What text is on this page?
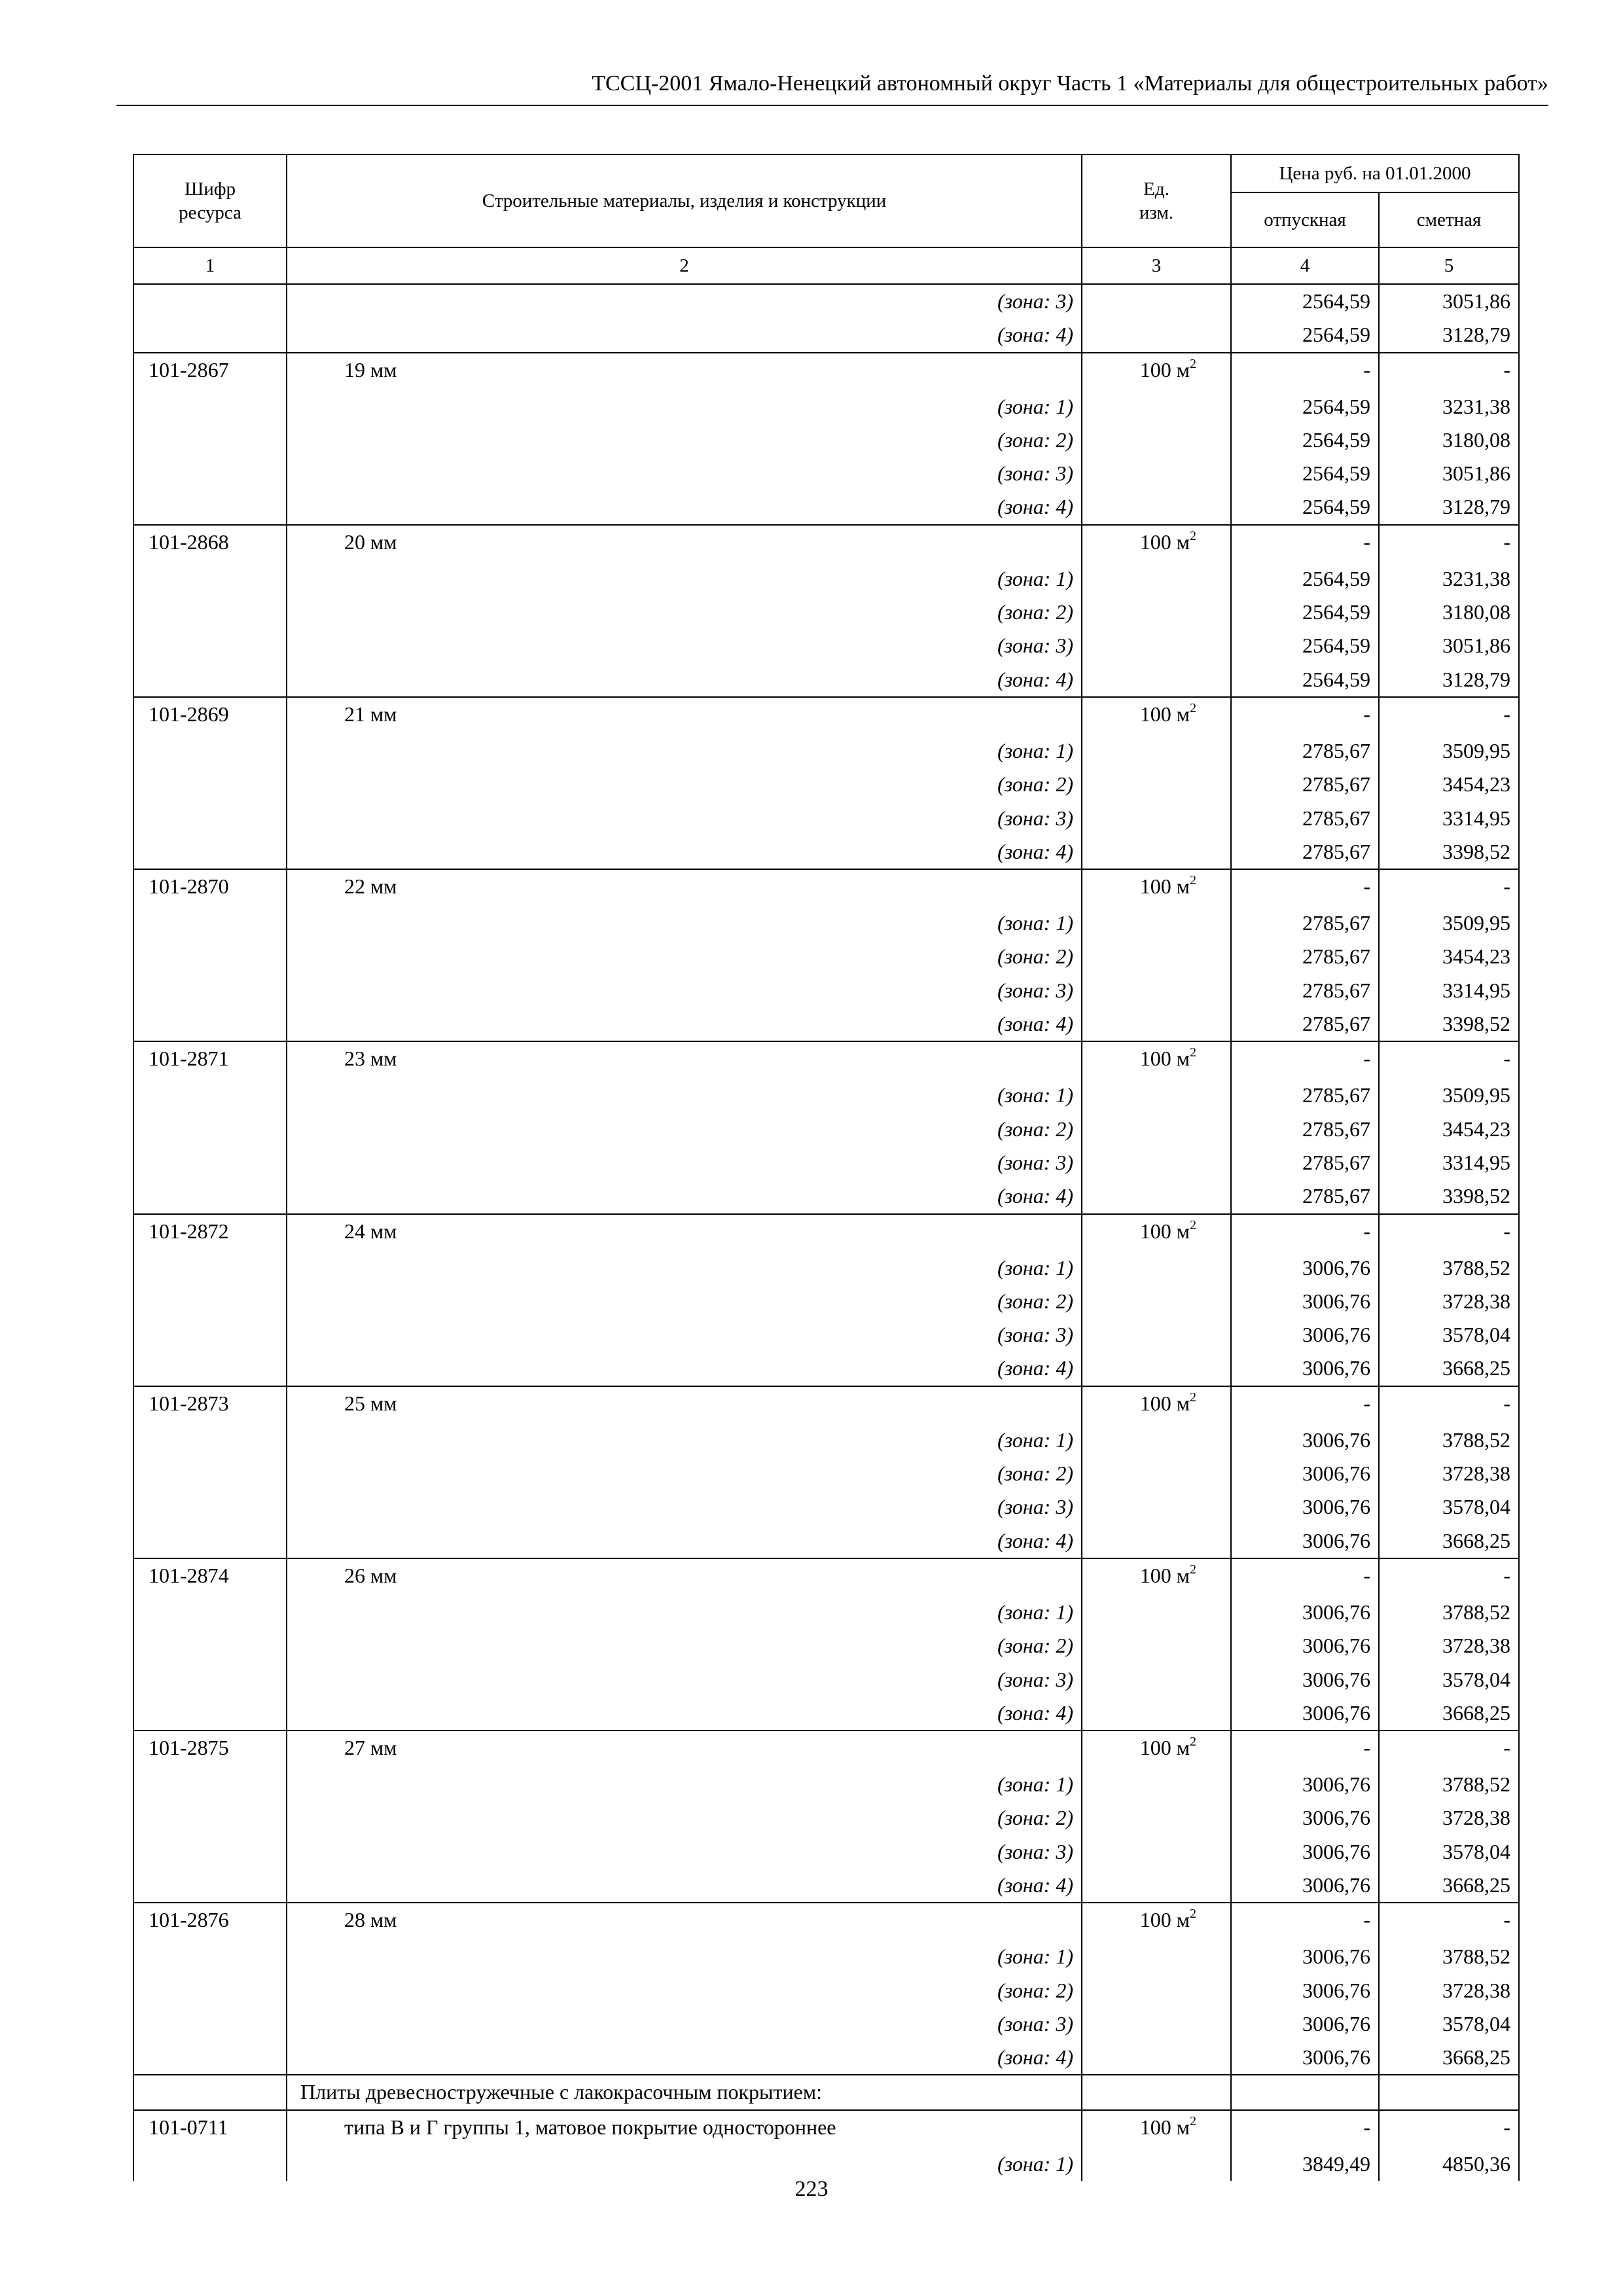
ТССЦ-2001 Ямало-Ненецкий автономный округ Часть 1 «Материалы для общестроительных работ»
Шифр ресурса	Строительные материалы, изделия и конструкции	Ед. изм.	Цена руб. на 01.01.2000	
			отпускная	сметная
1	2	3	4	5
	(зона: 3)		2564,59	3051,86
	(зона: 4)		2564,59	3128,79
101-2867	19 мм	100 $м^2$	-	-
	(зона: 1)		2564,59	3231,38
	(зона: 2)		2564,59	3180,08
	(зона: 3)		2564,59	3051,86
	(зона: 4)		2564,59	3128,79
101-2868	20 мм	100 $м^2$	-	-
	(зона: 1)		2564,59	3231,38
	(зона: 2)		2564,59	3180,08
	(зона: 3)		2564,59	3051,86
	(зона: 4)		2564,59	3128,79
101-2869	21 мм	100 $м^2$	-	-
	(зона: 1)		2785,67	3509,95
	(зона: 2)		2785,67	3454,23
	(зона: 3)		2785,67	3314,95
	(зона: 4)		2785,67	3398,52
101-2870	22 мм	100 $м^2$	-	-
	(зона: 1)		2785,67	3509,95
	(зона: 2)		2785,67	3454,23
	(зона: 3)		2785,67	3314,95
	(зона: 4)		2785,67	3398,52
101-2871	23 мм	100 $м^2$	-	-
	(зона: 1)		2785,67	3509,95
	(зона: 2)		2785,67	3454,23
	(зона: 3)		2785,67	3314,95
	(зона: 4)		2785,67	3398,52
101-2872	24 мм	100 $м^2$	-	-
	(зона: 1)		3006,76	3788,52
	(зона: 2)		3006,76	3728,38
	(зона: 3)		3006,76	3578,04
	(зона: 4)		3006,76	3668,25
101-2873	25 мм	100 $м^2$	-	-
	(зона: 1)		3006,76	3788,52
	(зона: 2)		3006,76	3728,38
	(зона: 3)		3006,76	3578,04
	(зона: 4)		3006,76	3668,25
101-2874	26 мм	100 $м^2$	-	-
	(зона: 1)		3006,76	3788,52
	(зона: 2)		3006,76	3728,38
	(зона: 3)		3006,76	3578,04
	(зона: 4)		3006,76	3668,25
101-2875	27 мм	100 $м^2$	-	-
	(зона: 1)		3006,76	3788,52
	(зона: 2)		3006,76	3728,38
	(зона: 3)		3006,76	3578,04
	(зона: 4)		3006,76	3668,25
101-2876	28 мм	100 $м^2$	-	-
	(зона: 1)		3006,76	3788,52
	(зона: 2)		3006,76	3728,38
	(зона: 3)		3006,76	3578,04
	(зона: 4)		3006,76	3668,25
	Плиты древесностружечные с лакокрасочным покрытием:			
101-0711	типа В и Г группы 1, матовое покрытие одностороннее	100 $м^2$	-	-
	(зона: 1)		3849,49	4850,36
223
